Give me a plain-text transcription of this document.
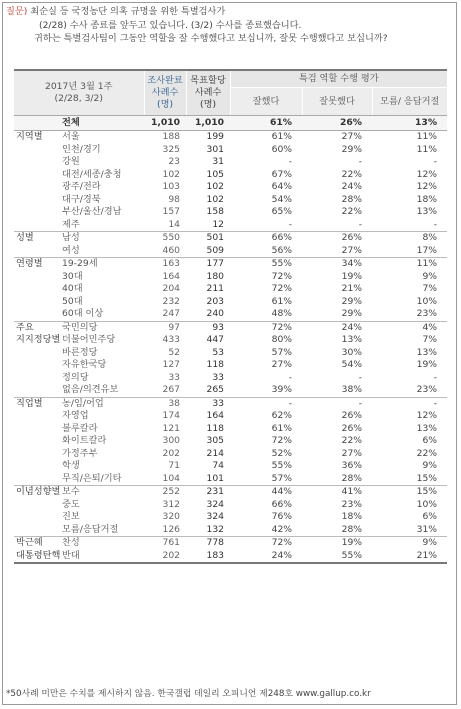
질문) 최순실 등 국정농단 의혹 규명을 위한 특별검사가
(2/28) 수사 종료를 앞두고 있습니다. (3/2) 수사를 종료했습니다.
귀하는 특별검사팀이 그동안 역할을 잘 수행했다고 보십니까, 잘못 수행했다고 보십니까?
2017년 3월 1주
(2/28, 3/2)		조사완료 사례수 (명)	목표할당 사례수 (명)	특검 역할 수행 평가		
				잘했다	잘못했다	모름/ 응답거절
	전체	1,010	1,010	61%	26%	13%
지역별	서울	188	199	61%	27%	11%
	인천/경기	325	301	60%	29%	11%
	강원	23	31	-	-	-
	대전/세종/충청	102	105	67%	22%	12%
	광주/전라	103	102	64%	24%	12%
	대구/경북	98	102	54%	28%	18%
	부산/울산/경남	157	158	65%	22%	13%
	제주	14	12	-	-	-
성별	남성	550	501	66%	26%	8%
	여성	460	509	56%	27%	17%
연령별	19-29세	163	177	55%	34%	11%
	30대	164	180	72%	19%	9%
	40대	204	211	72%	21%	7%
	50대	232	203	61%	29%	10%
	60대 이상	247	240	48%	29%	23%
주요	국민의당	97	93	72%	24%	4%
지지정당별	더불어민주당	433	447	80%	13%	7%
	바른정당	52	53	57%	30%	13%
	자유한국당	127	118	27%	54%	19%
	정의당	33	33	-	-	-
	없음/의견유보	267	265	39%	38%	23%
직업별	농/임/어업	38	33	-	-	-
	자영업	174	164	62%	26%	12%
	블루칼라	121	118	61%	26%	13%
	화이트칼라	300	305	72%	22%	6%
	가정주부	202	214	52%	27%	22%
	학생	71	74	55%	36%	9%
	무직/은퇴/기타	104	101	57%	28%	15%
이념성향별	보수	252	231	44%	41%	15%
	중도	312	324	66%	23%	10%
	진보	320	324	76%	18%	6%
	모름/응답거절	126	132	42%	28%	31%
박근혜	찬성	761	778	72%	19%	9%
대통령탄핵	반대	202	183	24%	55%	21%
*50사례 미만은 수치를 제시하지 않음. 한국갤럽 데일리 오피니언 제248호 www.gallup.co.kr
